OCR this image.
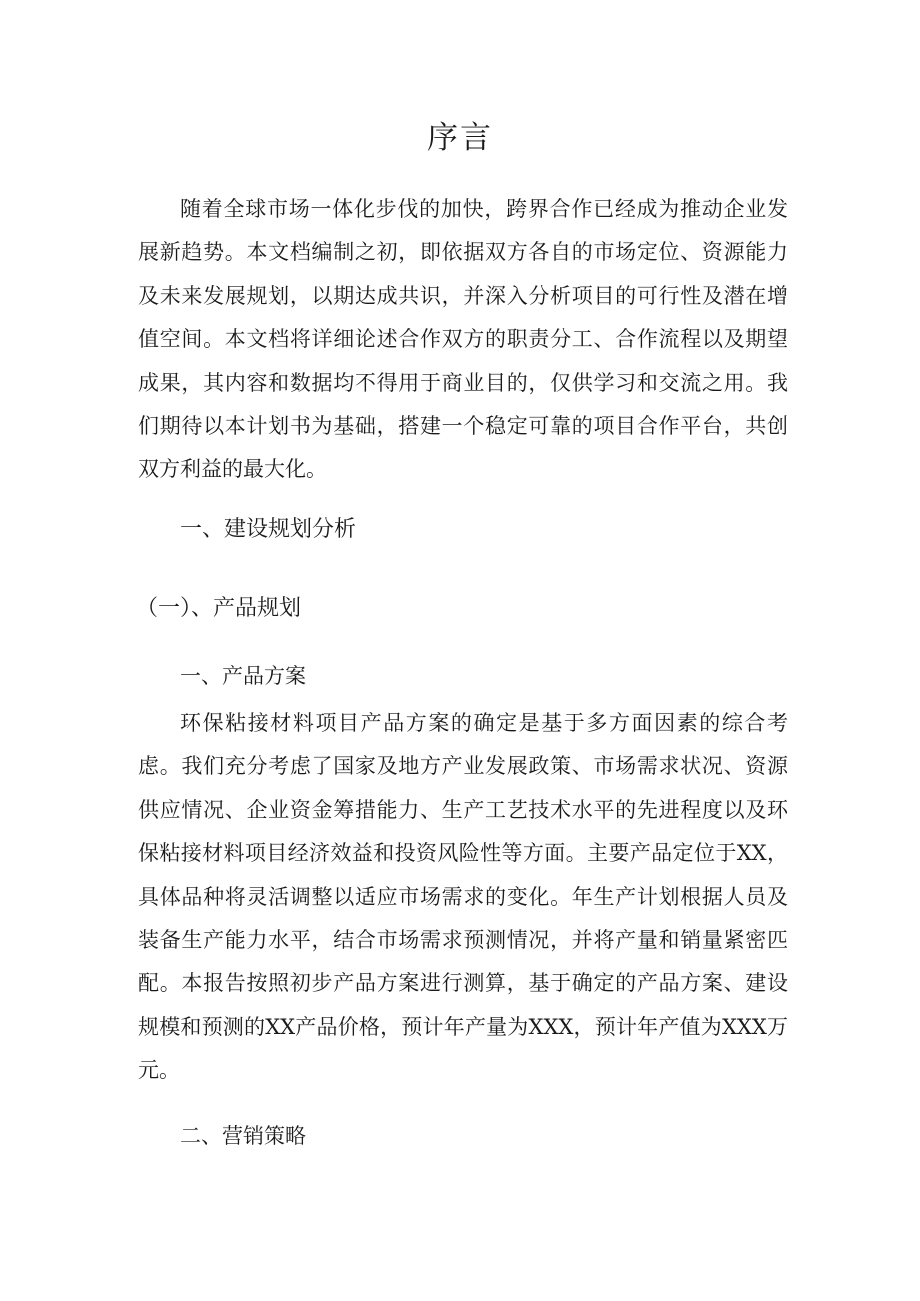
序言

随着全球市场一体化步伐的加快，跨界合作已经成为推动企业发展新趋势。本文档编制之初，即依据双方各自的市场定位、资源能力及未来发展规划，以期达成共识，并深入分析项目的可行性及潜在增值空间。本文档将详细论述合作双方的职责分工、合作流程以及期望成果，其内容和数据均不得用于商业目的，仅供学习和交流之用。我们期待以本计划书为基础，搭建一个稳定可靠的项目合作平台，共创双方利益的最大化。

一、建设规划分析
（一）、产品规划
一、产品方案

环保粘接材料项目产品方案的确定是基于多方面因素的综合考虑。我们充分考虑了国家及地方产业发展政策、市场需求状况、资源供应情况、企业资金筹措能力、生产工艺技术水平的先进程度以及环保粘接材料项目经济效益和投资风险性等方面。主要产品定位于XX，具体品种将灵活调整以适应市场需求的变化。年生产计划根据人员及装备生产能力水平，结合市场需求预测情况，并将产量和销量紧密匹配。本报告按照初步产品方案进行测算，基于确定的产品方案、建设规模和预测的XX产品价格，预计年产量为XXX，预计年产值为XXX万元。

二、营销策略
